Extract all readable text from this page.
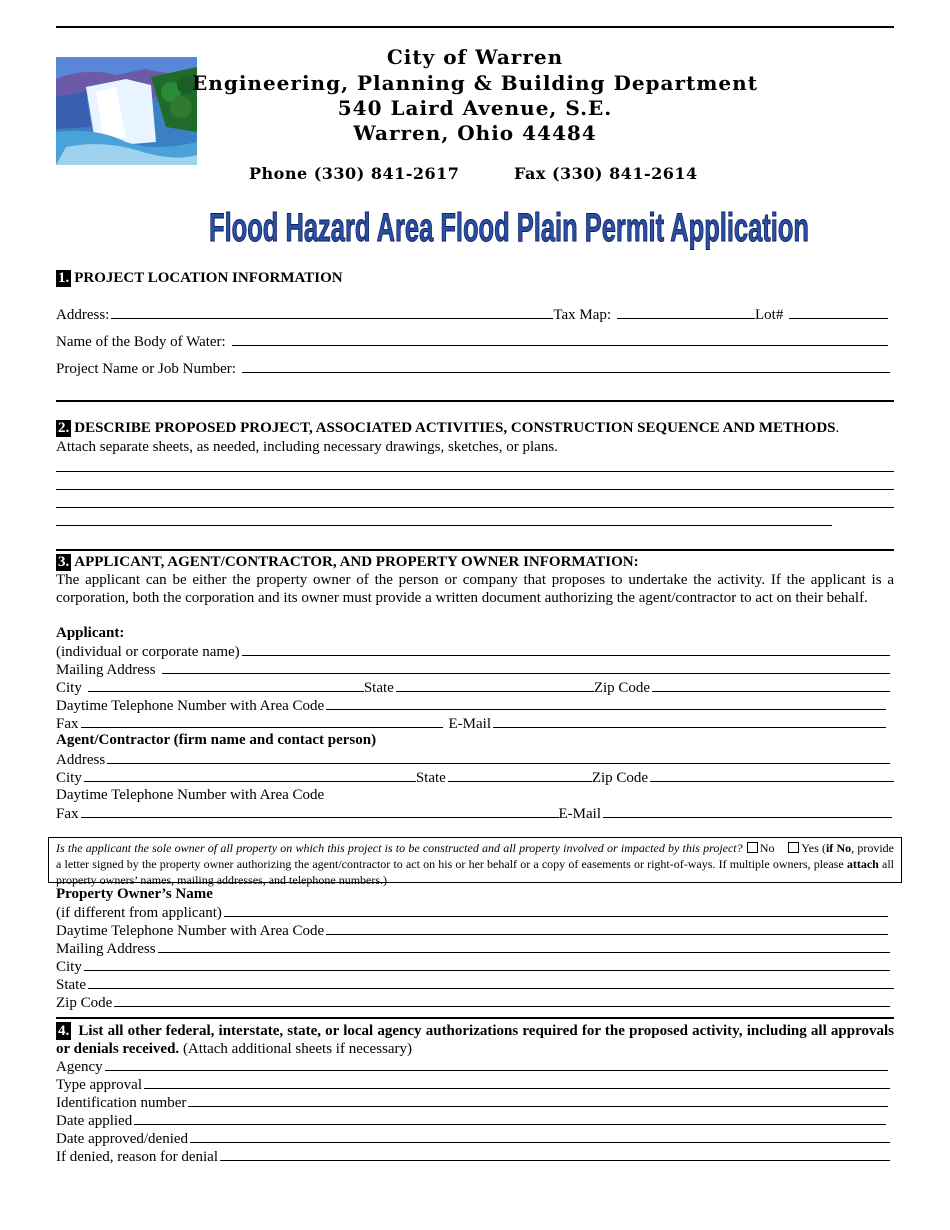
City of Warren
Engineering, Planning & Building Department
540 Laird Avenue, S.E.
Warren, Ohio 44484
Phone (330) 841-2617	Fax (330) 841-2614
Flood Hazard Area Flood Plain Permit Application
1. PROJECT LOCATION INFORMATION
Address:	Tax Map:	Lot#
Name of the Body of Water:
Project Name or Job Number:
2. DESCRIBE PROPOSED PROJECT, ASSOCIATED ACTIVITIES, CONSTRUCTION SEQUENCE AND METHODS.
Attach separate sheets, as needed, including necessary drawings, sketches, or plans.
3. APPLICANT, AGENT/CONTRACTOR, AND PROPERTY OWNER INFORMATION:
The applicant can be either the property owner of the person or company that proposes to undertake the activity. If the applicant is a corporation, both the corporation and its owner must provide a written document authorizing the agent/contractor to act on their behalf.
Applicant:
(individual or corporate name)
Mailing Address
City	State	Zip Code
Daytime Telephone Number with Area Code
Fax	E-Mail
Agent/Contractor (firm name and contact person)
Address
City	State	Zip Code
Daytime Telephone Number with Area Code
Fax	E-Mail
Is the applicant the sole owner of all property on which this project is to be constructed and all property involved or impacted by this project? No Yes (if No, provide a letter signed by the property owner authorizing the agent/contractor to act on his or her behalf or a copy of easements or right-of-ways. If multiple owners, please attach all property owners’ names, mailing addresses, and telephone numbers.)
Property Owner’s Name
(if different from applicant)
Daytime Telephone Number with Area Code
Mailing Address
City
State
Zip Code
4. List all other federal, interstate, state, or local agency authorizations required for the proposed activity, including all approvals or denials received. (Attach additional sheets if necessary)
Agency
Type approval
Identification number
Date applied
Date approved/denied
If denied, reason for denial
